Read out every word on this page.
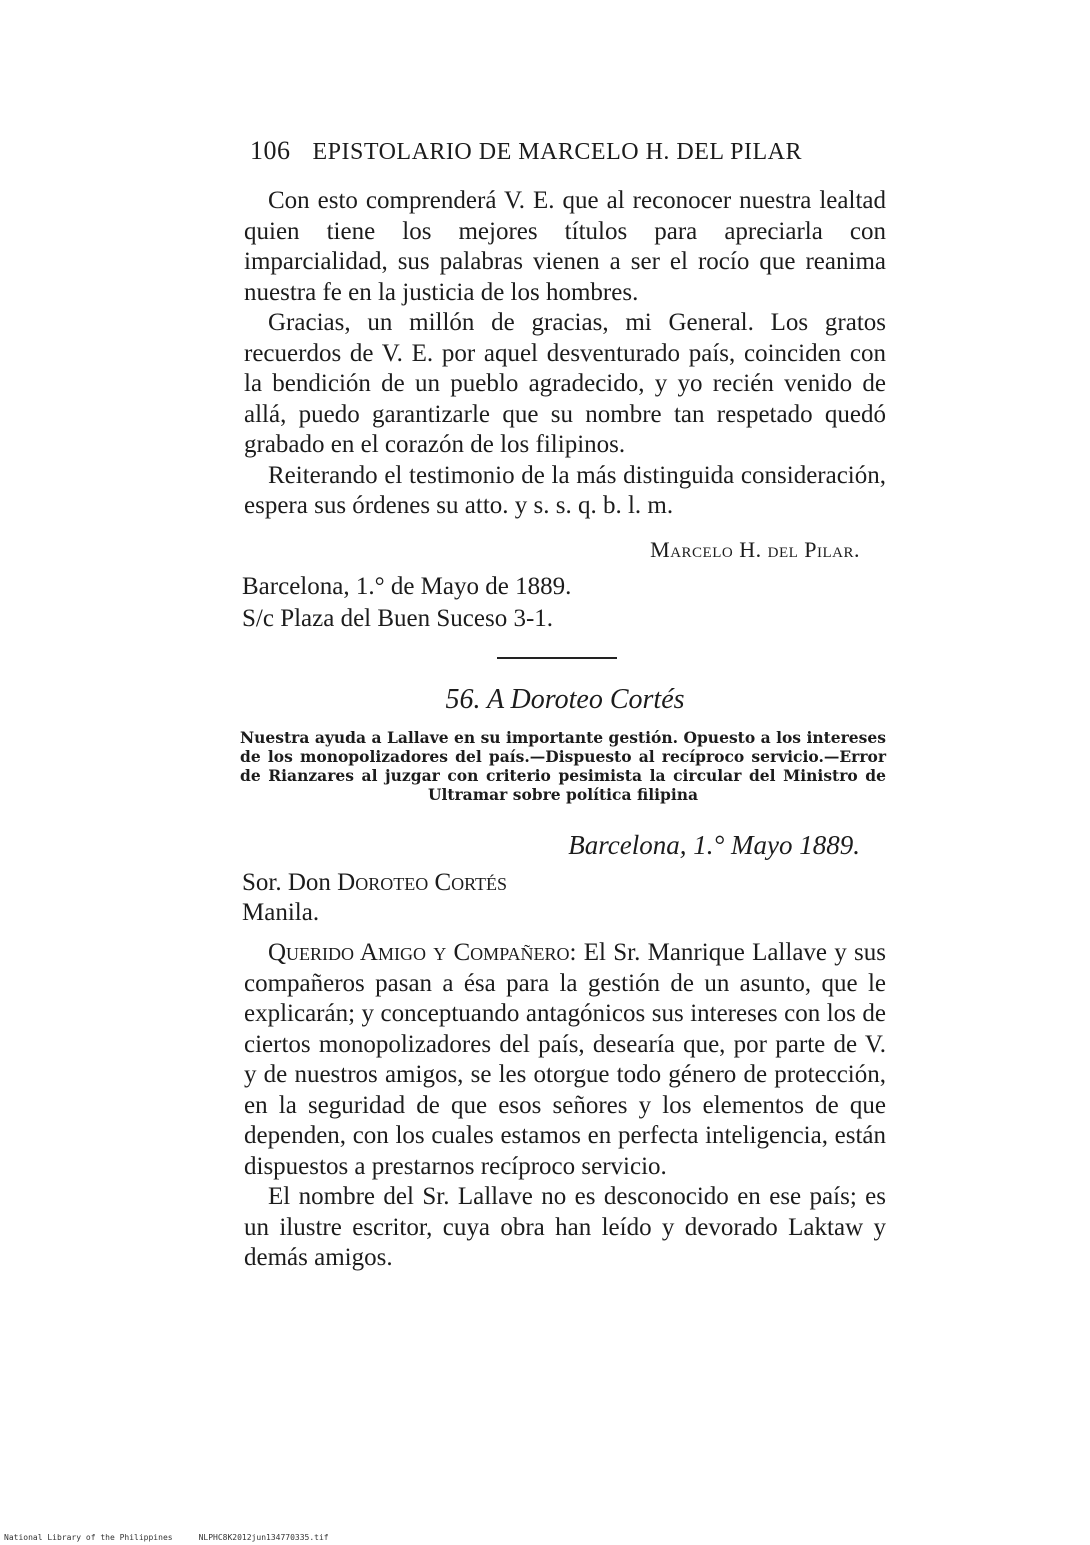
106 EPISTOLARIO DE MARCELO H. DEL PILAR

Con esto comprenderá V. E. que al reconocer nuestra lealtad quien tiene los mejores títulos para apreciarla con imparcialidad, sus palabras vienen a ser el rocío que reanima nuestra fe en la justicia de los hombres.

Gracias, un millón de gracias, mi General. Los gratos recuerdos de V. E. por aquel desventurado país, coinciden con la bendición de un pueblo agradecido, y yo recién venido de allá, puedo garantizarle que su nombre tan respetado quedó grabado en el corazón de los filipinos.

Reiterando el testimonio de la más distinguida consideración, espera sus órdenes su atto. y s. s. q. b. l. m.

Marcelo H. del Pilar.
Barcelona, 1.° de Mayo de 1889.
S/c Plaza del Buen Suceso 3-1.
56. A Doroteo Cortés
Nuestra ayuda a Lallave en su importante gestión. Opuesto a los intereses de los monopolizadores del país.—Dispuesto al recíproco servicio.—Error de Rianzares al juzgar con criterio pesimista la circular del Ministro de Ultramar sobre política filipina
Barcelona, 1.° Mayo 1889.
Sor. Don Doroteo Cortés
Manila.

Querido Amigo y Compañero: El Sr. Manrique Lallave y sus compañeros pasan a ésa para la gestión de un asunto, que le explicarán; y conceptuando antagónicos sus intereses con los de ciertos monopolizadores del país, desearía que, por parte de V. y de nuestros amigos, se les otorgue todo género de protección, en la seguridad de que esos señores y los elementos de que dependen, con los cuales estamos en perfecta inteligencia, están dispuestos a prestarnos recíproco servicio.

El nombre del Sr. Lallave no es desconocido en ese país; es un ilustre escritor, cuya obra han leído y devorado Laktaw y demás amigos.

National Library of the Philippines	NLPHC8K2012jun134770335.tif
